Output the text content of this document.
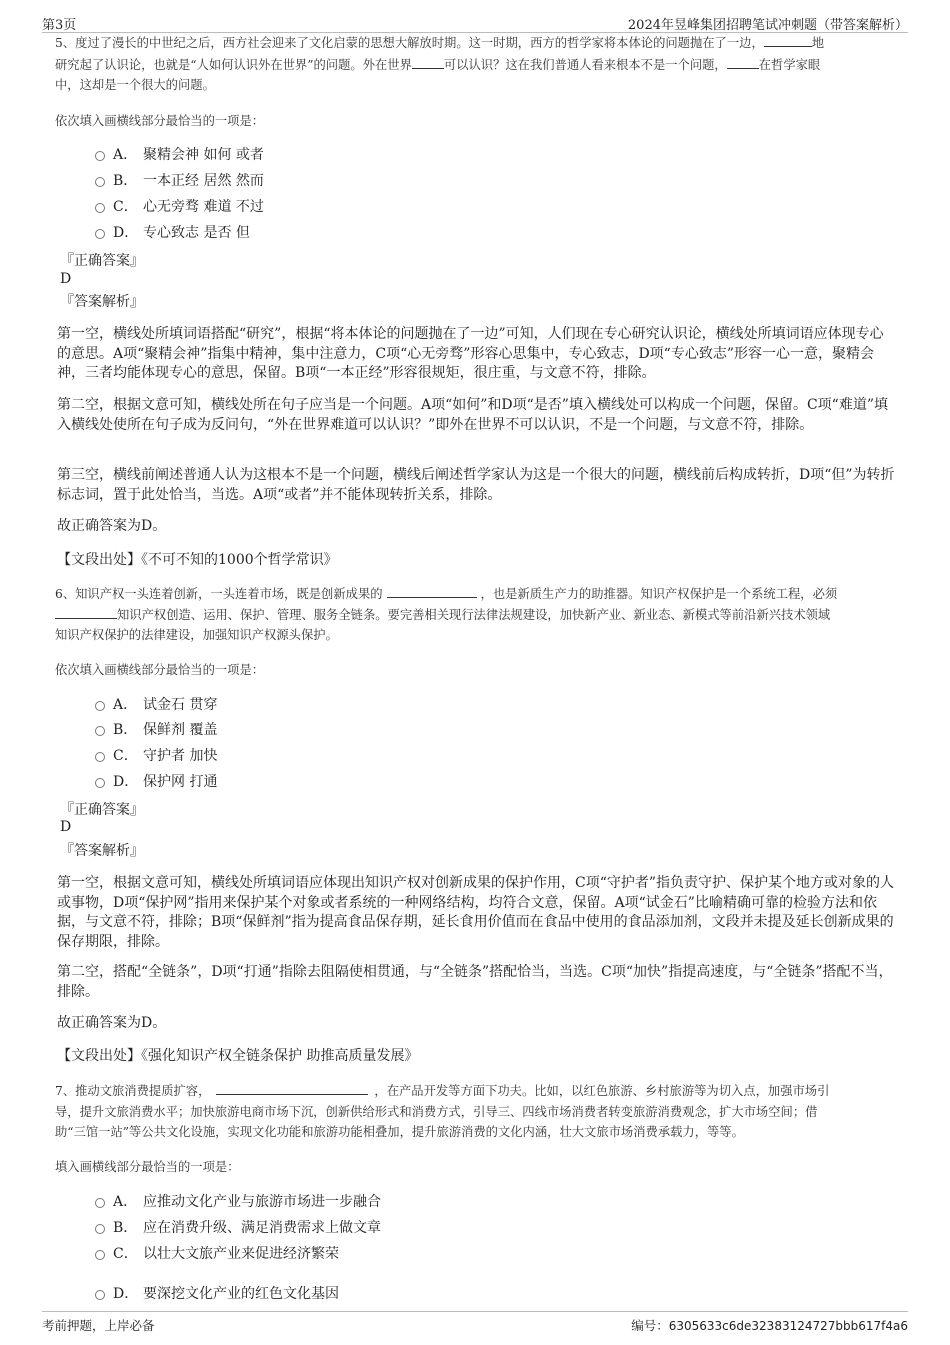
第3页	2024年昱峰集团招聘笔试冲刺题（带答案解析）
5、度过了漫长的中世纪之后，西方社会迎来了文化启蒙的思想大解放时期。这一时期，西方的哲学家将本体论的问题抛在了一边，	地
研究起了认识论，也就是“人如何认识外在世界”的问题。外在世界	可以认识？这在我们普通人看来根本不是一个问题，	在哲学家眼
中，这却是一个很大的问题。
依次填入画横线部分最恰当的一项是：
A． 聚精会神 如何 或者
B． 一本正经 居然 然而
C． 心无旁骛 难道 不过
D． 专心致志 是否 但
『正确答案』
D
『答案解析』
第一空，横线处所填词语搭配“研究”，根据“将本体论的问题抛在了一边”可知，人们现在专心研究认识论，横线处所填词语应体现专心的意思。A项“聚精会神”指集中精神，集中注意力，C项“心无旁骛”形容心思集中，专心致志，D项“专心致志”形容一心一意，聚精会神，三者均能体现专心的意思，保留。B项“一本正经”形容很规矩，很庄重，与文意不符，排除。
第二空，根据文意可知，横线处所在句子应当是一个问题。A项“如何”和D项“是否”填入横线处可以构成一个问题，保留。C项“难道”填入横线处使所在句子成为反问句，“外在世界难道可以认识？”即外在世界不可以认识，不是一个问题，与文意不符，排除。
第三空，横线前阐述普通人认为这根本不是一个问题，横线后阐述哲学家认为这是一个很大的问题，横线前后构成转折，D项“但”为转折标志词，置于此处恰当，当选。A项“或者”并不能体现转折关系，排除。
故正确答案为D。
【文段出处】《不可不知的1000个哲学常识》
6、知识产权一头连着创新，一头连着市场，既是创新成果的	，也是新质生产力的助推器。知识产权保护是一个系统工程，必须
知识产权创造、运用、保护、管理、服务全链条。要完善相关现行法律法规建设，加快新产业、新业态、新模式等前沿新兴技术领域
知识产权保护的法律建设，加强知识产权源头保护。
依次填入画横线部分最恰当的一项是：
A． 试金石 贯穿
B． 保鲜剂 覆盖
C． 守护者 加快
D． 保护网 打通
『正确答案』
D
『答案解析』
第一空，根据文意可知，横线处所填词语应体现出知识产权对创新成果的保护作用，C项“守护者”指负责守护、保护某个地方或对象的人或事物，D项“保护网”指用来保护某个对象或者系统的一种网络结构，均符合文意，保留。A项“试金石”比喻精确可靠的检验方法和依据，与文意不符，排除；B项“保鲜剂”指为提高食品保存期，延长食用价值而在食品中使用的食品添加剂，文段并未提及延长创新成果的保存期限，排除。
第二空，搭配“全链条”，D项“打通”指除去阻隔使相贯通，与“全链条”搭配恰当，当选。C项“加快”指提高速度，与“全链条”搭配不当，排除。
故正确答案为D。
【文段出处】《强化知识产权全链条保护 助推高质量发展》
7、推动文旅消费提质扩容，	，在产品开发等方面下功夫。比如，以红色旅游、乡村旅游等为切入点，加强市场引
导，提升文旅消费水平；加快旅游电商市场下沉，创新供给形式和消费方式，引导三、四线市场消费者转变旅游消费观念，扩大市场空间；借
助“三馆一站”等公共文化设施，实现文化功能和旅游功能相叠加，提升旅游消费的文化内涵，壮大文旅市场消费承载力，等等。
填入画横线部分最恰当的一项是：
A． 应推动文化产业与旅游市场进一步融合
B． 应在消费升级、满足消费需求上做文章
C． 以壮大文旅产业来促进经济繁荣
D． 要深挖文化产业的红色文化基因
考前押题，上岸必备	编号：6305633c6de32383124727bbb617f4a6
